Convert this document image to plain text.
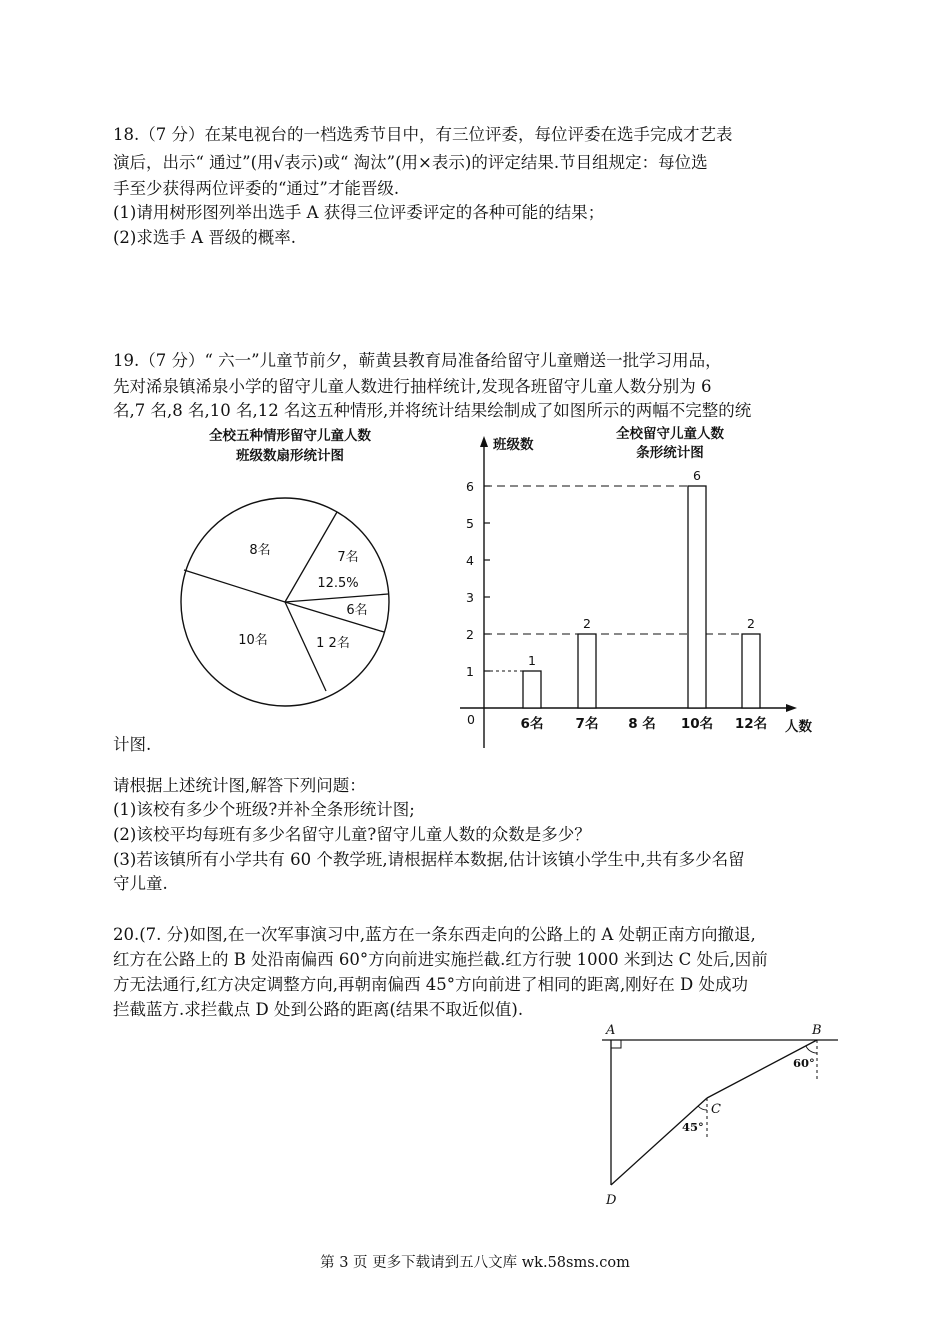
18.（7 分）在某电视台的一档选秀节目中，有三位评委，每位评委在选手完成才艺表
演后，出示“ 通过”(用√表示)或“ 淘汰”(用×表示)的评定结果.节目组规定：每位选
手至少获得两位评委的“通过”才能晋级.
(1)请用树形图列举出选手 A 获得三位评委评定的各种可能的结果；
(2)求选手 A 晋级的概率.
19.（7 分）“ 六一”儿童节前夕，蕲黄县教育局准备给留守儿童赠送一批学习用品，
先对浠泉镇浠泉小学的留守儿童人数进行抽样统计,发现各班留守儿童人数分别为 6
名,7 名,8 名,10 名,12 名这五种情形,并将统计结果绘制成了如图所示的两幅不完整的统
计图.
请根据上述统计图,解答下列问题：
(1)该校有多少个班级?并补全条形统计图;
(2)该校平均每班有多少名留守儿童?留守儿童人数的众数是多少？
(3)若该镇所有小学共有 60 个教学班,请根据样本数据,估计该镇小学生中,共有多少名留
守儿童.
20.(7. 分)如图,在一次军事演习中,蓝方在一条东西走向的公路上的 A 处朝正南方向撤退,
红方在公路上的 B 处沿南偏西 60°方向前进实施拦截.红方行驶 1000 米到达 C 处后,因前
方无法通行,红方决定调整方向,再朝南偏西 45°方向前进了相同的距离,刚好在 D 处成功
拦截蓝方.求拦截点 D 处到公路的距离(结果不取近似值).
全校五种情形留守儿童人数
班级数扇形统计图
8名	7名
12.5%
6名
1 2名
10名
全校留守儿童人数
条形统计图
班级数
人数
0
1
2
3
4
5
6
1
6名
2
7名 8 名
6
10名
2
12名
A	B
C
D
60°
45°
第 3 页 更多下载请到五八文库 wk.58sms.com
